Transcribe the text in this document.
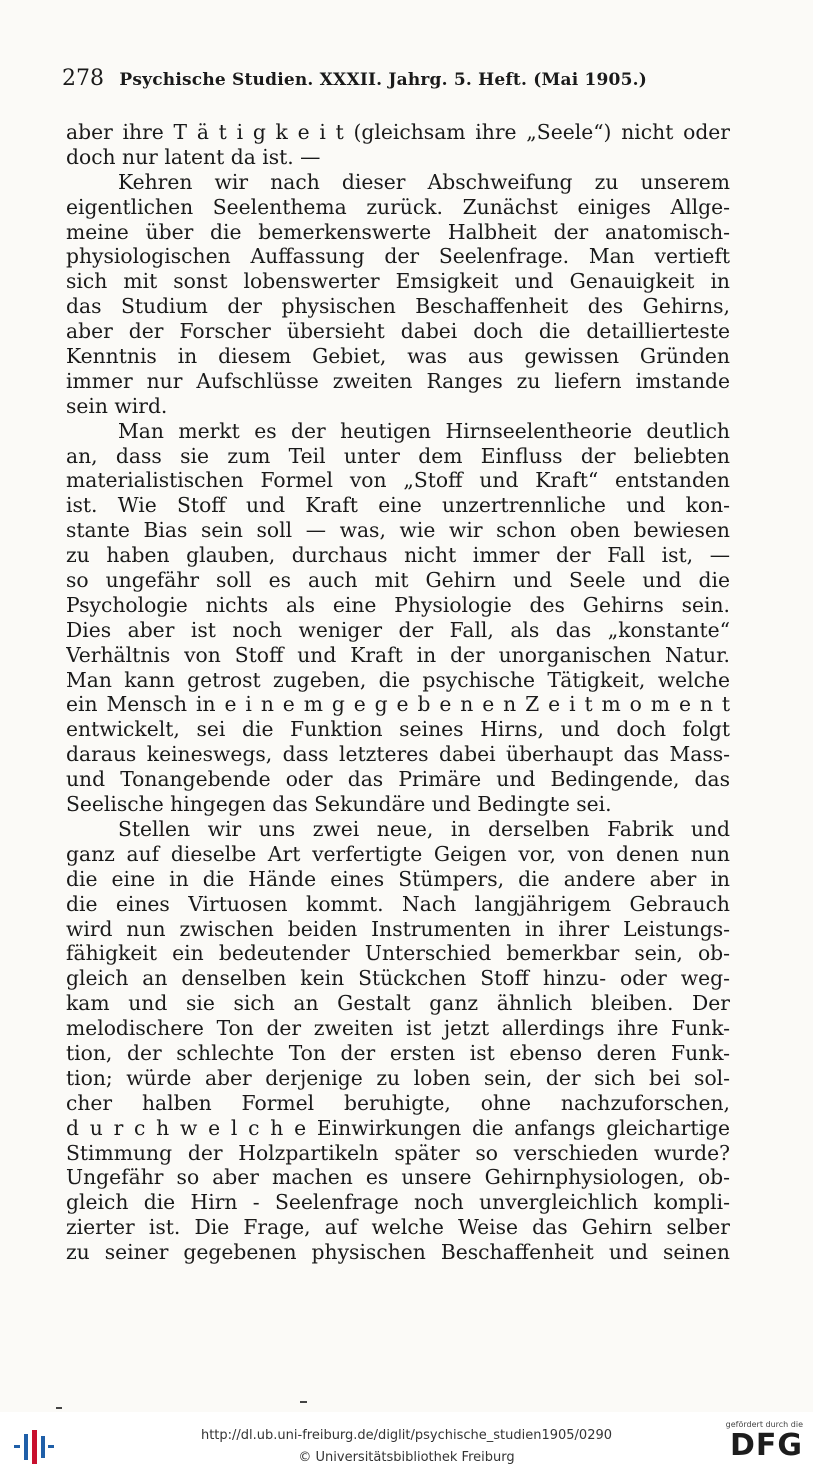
278 Psychische Studien. XXXII. Jahrg. 5. Heft. (Mai 1905.)
aber ihre T ä t i g k e i t (gleichsam ihre „Seele“) nicht oder
doch nur latent da ist. —
Kehren wir nach dieser Abschweifung zu unserem
eigentlichen Seelenthema zurück. Zunächst einiges Allge-
meine über die bemerkenswerte Halbheit der anatomisch-
physiologischen Auffassung der Seelenfrage. Man vertieft
sich mit sonst lobenswerter Emsigkeit und Genauigkeit in
das Studium der physischen Beschaffenheit des Gehirns,
aber der Forscher übersieht dabei doch die detaillierteste
Kenntnis in diesem Gebiet, was aus gewissen Gründen
immer nur Aufschlüsse zweiten Ranges zu liefern imstande
sein wird.
Man merkt es der heutigen Hirnseelentheorie deutlich
an, dass sie zum Teil unter dem Einfluss der beliebten
materialistischen Formel von „Stoff und Kraft“ entstanden
ist. Wie Stoff und Kraft eine unzertrennliche und kon-
stante Bias sein soll — was, wie wir schon oben bewiesen
zu haben glauben, durchaus nicht immer der Fall ist, —
so ungefähr soll es auch mit Gehirn und Seele und die
Psychologie nichts als eine Physiologie des Gehirns sein.
Dies aber ist noch weniger der Fall, als das „konstante“
Verhältnis von Stoff und Kraft in der unorganischen Natur.
Man kann getrost zugeben, die psychische Tätigkeit, welche
ein Mensch in e i n e m g e g e b e n e n Z e i t m o m e n t
entwickelt, sei die Funktion seines Hirns, und doch folgt
daraus keineswegs, dass letzteres dabei überhaupt das Mass-
und Tonangebende oder das Primäre und Bedingende, das
Seelische hingegen das Sekundäre und Bedingte sei.
Stellen wir uns zwei neue, in derselben Fabrik und
ganz auf dieselbe Art verfertigte Geigen vor, von denen nun
die eine in die Hände eines Stümpers, die andere aber in
die eines Virtuosen kommt. Nach langjährigem Gebrauch
wird nun zwischen beiden Instrumenten in ihrer Leistungs-
fähigkeit ein bedeutender Unterschied bemerkbar sein, ob-
gleich an denselben kein Stückchen Stoff hinzu- oder weg-
kam und sie sich an Gestalt ganz ähnlich bleiben. Der
melodischere Ton der zweiten ist jetzt allerdings ihre Funk-
tion, der schlechte Ton der ersten ist ebenso deren Funk-
tion; würde aber derjenige zu loben sein, der sich bei sol-
cher halben Formel beruhigte, ohne nachzuforschen,
d u r c h w e l c h e Einwirkungen die anfangs gleichartige
Stimmung der Holzpartikeln später so verschieden wurde?
Ungefähr so aber machen es unsere Gehirnphysiologen, ob-
gleich die Hirn - Seelenfrage noch unvergleichlich kompli-
zierter ist. Die Frage, auf welche Weise das Gehirn selber
zu seiner gegebenen physischen Beschaffenheit und seinen
http://dl.ub.uni-freiburg.de/diglit/psychische_studien1905/0290
© Universitätsbibliothek Freiburg
gefördert durch die
DFG
